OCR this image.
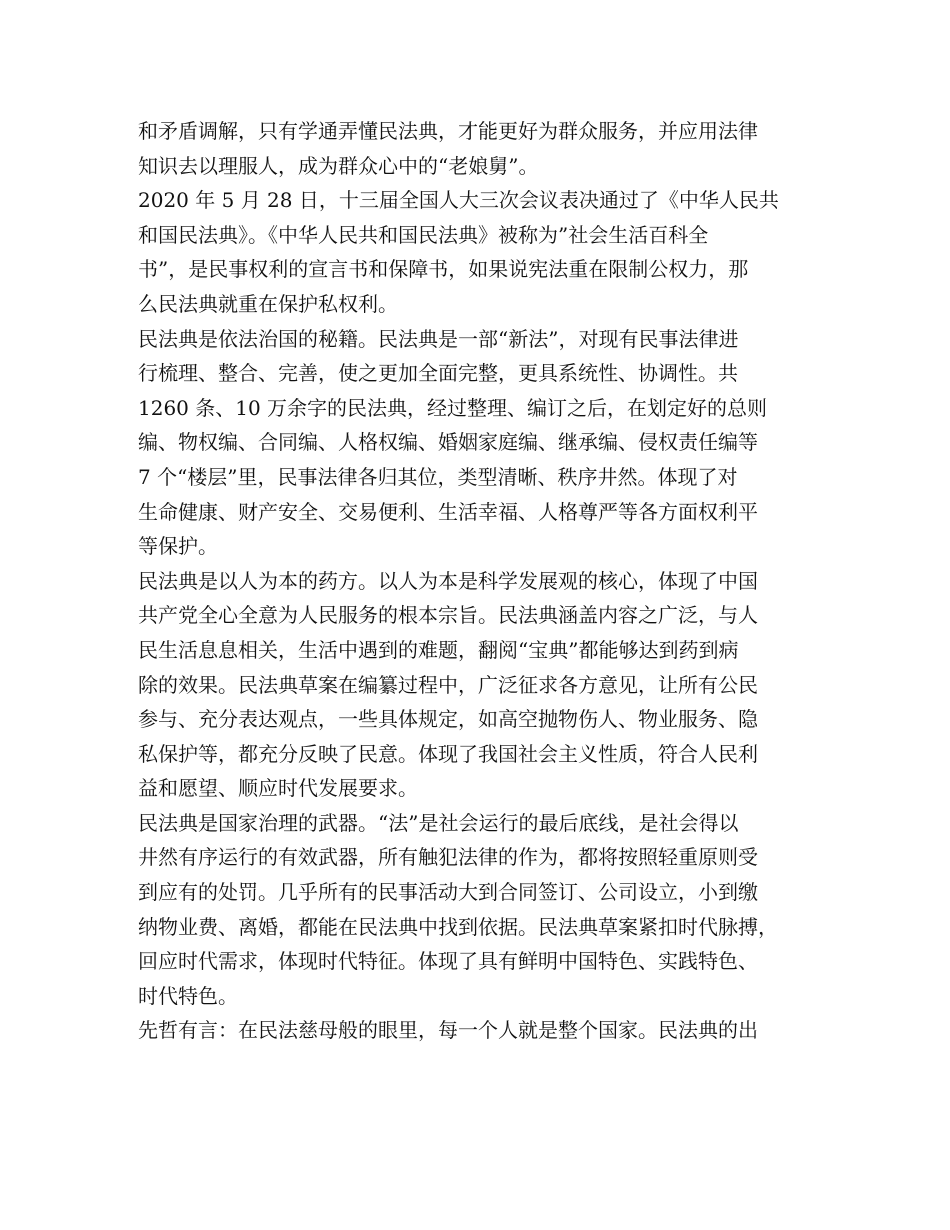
和矛盾调解，只有学通弄懂民法典，才能更好为群众服务，并应用法律
知识去以理服人，成为群众心中的“老娘舅”。
2020 年 5 月 28 日，十三届全国人大三次会议表决通过了《中华人民共
和国民法典》。《中华人民共和国民法典》被称为”社会生活百科全
书”，是民事权利的宣言书和保障书，如果说宪法重在限制公权力，那
么民法典就重在保护私权利。
民法典是依法治国的秘籍。民法典是一部“新法”，对现有民事法律进
行梳理、整合、完善，使之更加全面完整，更具系统性、协调性。共
1260 条、10 万余字的民法典，经过整理、编订之后，在划定好的总则
编、物权编、合同编、人格权编、婚姻家庭编、继承编、侵权责任编等
7 个“楼层”里，民事法律各归其位，类型清晰、秩序井然。体现了对
生命健康、财产安全、交易便利、生活幸福、人格尊严等各方面权利平
等保护。
民法典是以人为本的药方。以人为本是科学发展观的核心，体现了中国
共产党全心全意为人民服务的根本宗旨。民法典涵盖内容之广泛，与人
民生活息息相关，生活中遇到的难题，翻阅“宝典”都能够达到药到病
除的效果。民法典草案在编纂过程中，广泛征求各方意见，让所有公民
参与、充分表达观点，一些具体规定，如高空抛物伤人、物业服务、隐
私保护等，都充分反映了民意。体现了我国社会主义性质，符合人民利
益和愿望、顺应时代发展要求。
民法典是国家治理的武器。“法”是社会运行的最后底线，是社会得以
井然有序运行的有效武器，所有触犯法律的作为，都将按照轻重原则受
到应有的处罚。几乎所有的民事活动大到合同签订、公司设立，小到缴
纳物业费、离婚，都能在民法典中找到依据。民法典草案紧扣时代脉搏，
回应时代需求，体现时代特征。体现了具有鲜明中国特色、实践特色、
时代特色。
先哲有言：在民法慈母般的眼里，每一个人就是整个国家。民法典的出
